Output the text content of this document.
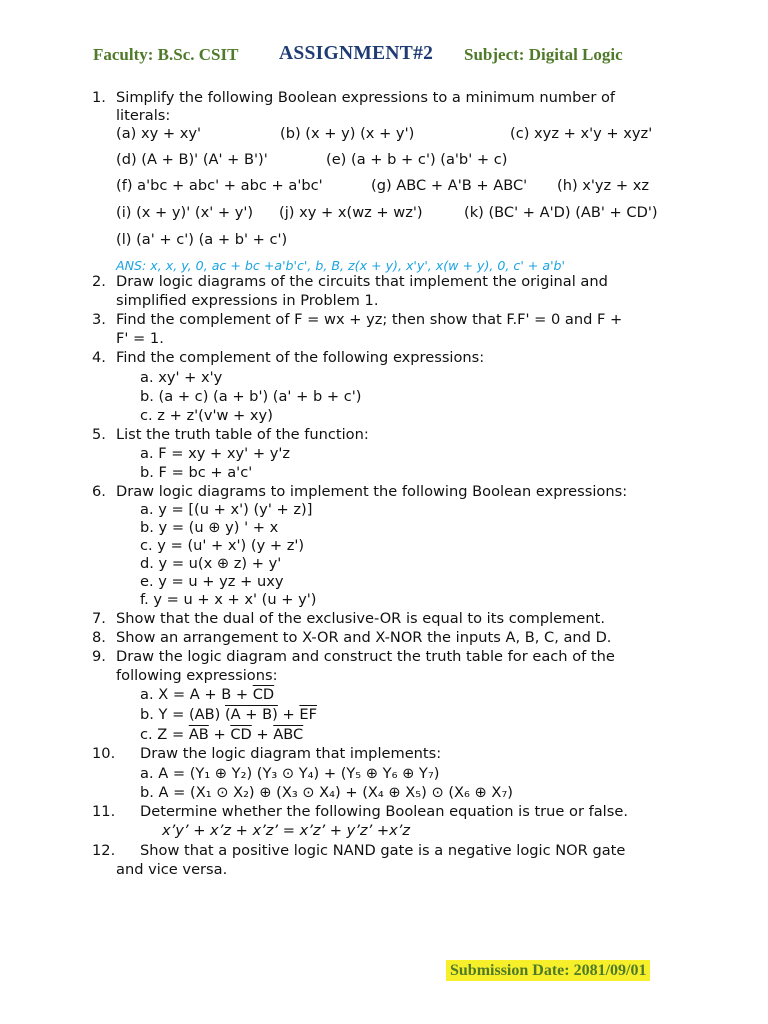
Faculty: B.Sc. CSIT ASSIGNMENT#2 Subject: Digital Logic
1. Simplify the following Boolean expressions to a minimum number of
literals:
(a) xy + xy'	(b) (x + y) (x + y')	(c) xyz + x'y + xyz'
(d) (A + B)' (A' + B')'	(e) (a + b + c') (a'b' + c)
(f) a'bc + abc' + abc + a'bc'	(g) ABC + A'B + ABC' (h) x'yz + xz
(i) (x + y)' (x' + y') (j) xy + x(wz + wz')	(k) (BC' + A'D) (AB' + CD')
(l) (a' + c') (a + b' + c')
ANS: x, x, y, 0, ac + bc +a'b'c', b, B, z(x + y), x'y', x(w + y), 0, c' + a'b'
2. Draw logic diagrams of the circuits that implement the original and
simplified expressions in Problem 1.
3. Find the complement of F = wx + yz; then show that F.F' = 0 and F +
F' = 1.
4. Find the complement of the following expressions:
a. xy' + x'y
b. (a + c) (a + b') (a' + b + c')
c. z + z'(v'w + xy)
5. List the truth table of the function:
a. F = xy + xy' + y'z
b. F = bc + a'c'
6. Draw logic diagrams to implement the following Boolean expressions:
a. y = [(u + x') (y' + z)]
b. y = (u ⊕ y) ' + x
c. y = (u' + x') (y + z')
d. y = u(x ⊕ z) + y'
e. y = u + yz + uxy
f. y = u + x + x' (u + y')
7. Show that the dual of the exclusive-OR is equal to its complement.
8. Show an arrangement to X-OR and X-NOR the inputs A, B, C, and D.
9. Draw the logic diagram and construct the truth table for each of the
following expressions:
a. $X = A + B + \overline{CD}$
b. Y = (AB) $(A + B) + \overline{EF}$
c. $Z = \overline{AB} + \overline{CD} + \overline{ABC}$
10. Draw the logic diagram that implements:
a. A = (Y₁ ⊕ Y₂) (Y₃ ⊙ Y₄) + (Y₅ ⊕ Y₆ ⊕ Y₇)
b. A = (X₁ ⊙ X₂) ⊕ (X₃ ⊙ X₄) + (X₄ ⊕ X₅) ⊙ (X₆ ⊕ X₇)
11. Determine whether the following Boolean equation is true or false.
x’y’ + x’z + x’z’ = x’z’ + y’z’ +x’z
12. Show that a positive logic NAND gate is a negative logic NOR gate
and vice versa.
Submission Date: 2081/09/01
